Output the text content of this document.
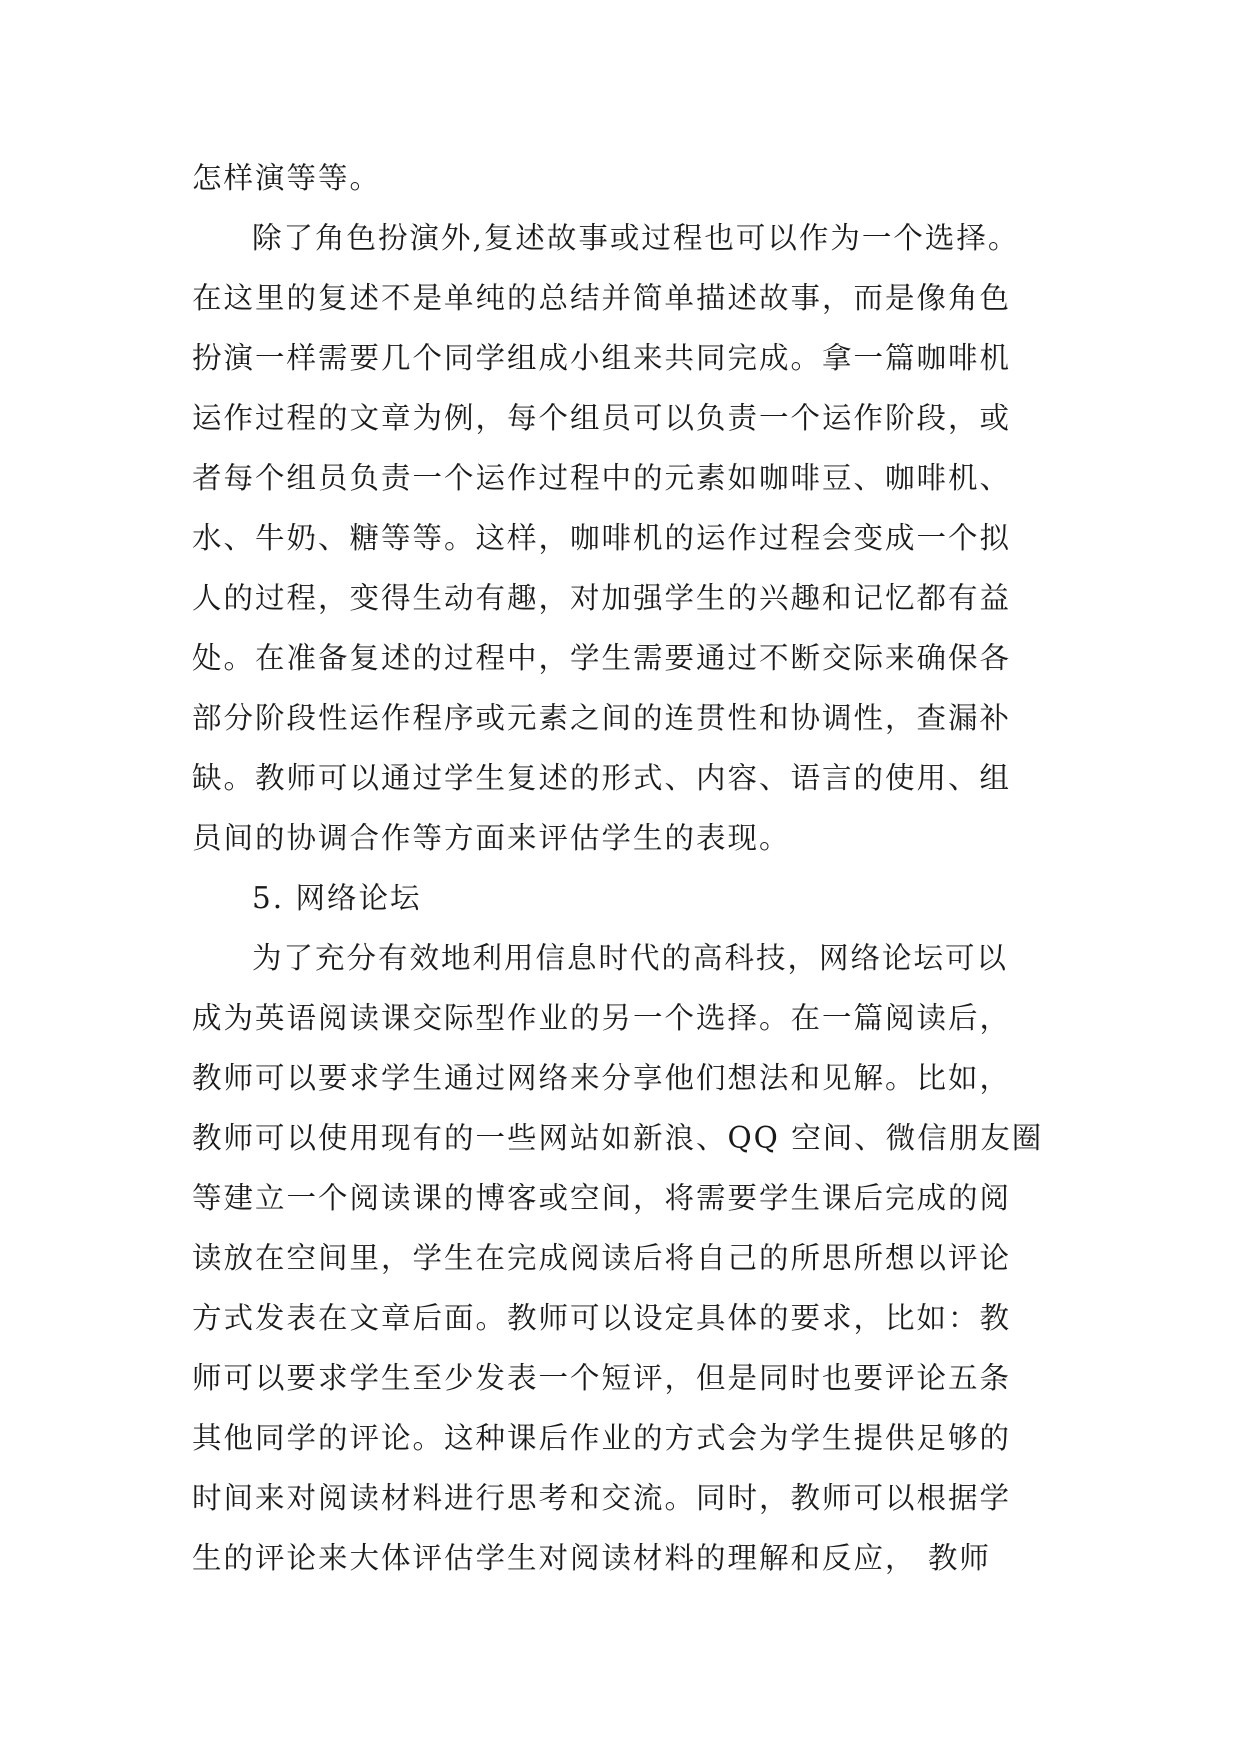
怎样演等等。

除了角色扮演外,复述故事或过程也可以作为一个选择。

在这里的复述不是单纯的总结并简单描述故事，而是像角色

扮演一样需要几个同学组成小组来共同完成。拿一篇咖啡机

运作过程的文章为例，每个组员可以负责一个运作阶段，或

者每个组员负责一个运作过程中的元素如咖啡豆、咖啡机、

水、牛奶、糖等等。这样，咖啡机的运作过程会变成一个拟

人的过程，变得生动有趣，对加强学生的兴趣和记忆都有益

处。在准备复述的过程中，学生需要通过不断交际来确保各

部分阶段性运作程序或元素之间的连贯性和协调性，查漏补

缺。教师可以通过学生复述的形式、内容、语言的使用、组

员间的协调合作等方面来评估学生的表现。

5. 网络论坛

为了充分有效地利用信息时代的高科技，网络论坛可以

成为英语阅读课交际型作业的另一个选择。在一篇阅读后，

教师可以要求学生通过网络来分享他们想法和见解。比如，

教师可以使用现有的一些网站如新浪、QQ 空间、微信朋友圈

等建立一个阅读课的博客或空间，将需要学生课后完成的阅

读放在空间里，学生在完成阅读后将自己的所思所想以评论

方式发表在文章后面。教师可以设定具体的要求，比如：教

师可以要求学生至少发表一个短评，但是同时也要评论五条

其他同学的评论。这种课后作业的方式会为学生提供足够的

时间来对阅读材料进行思考和交流。同时，教师可以根据学

生的评论来大体评估学生对阅读材料的理解和反应， 教师
